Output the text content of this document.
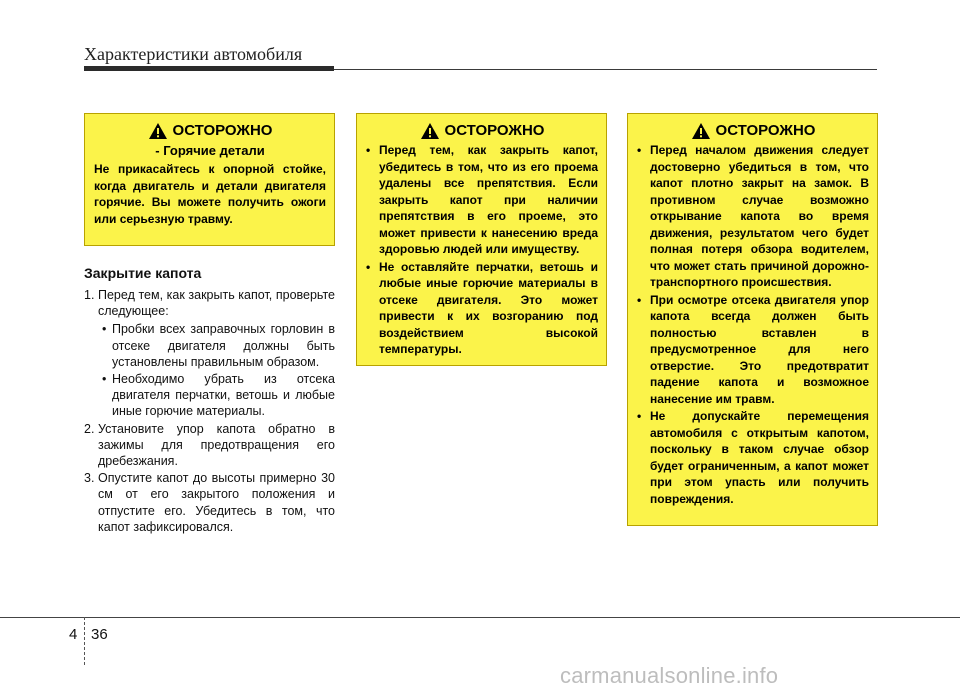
Характеристики автомобиля
ОСТОРОЖНО
- Горячие детали
Не прикасайтесь к опорной стойке, когда двигатель и детали двигателя горячие. Вы можете получить ожоги или серьезную травму.
Закрытие капота
1. Перед тем, как закрыть капот, проверьте следующее:
• Пробки всех заправочных горловин в отсеке двигателя должны быть установлены правильным образом.
• Необходимо убрать из отсека двигателя перчатки, ветошь и любые иные горючие материалы.
2. Установите упор капота обратно в зажимы для предотвращения его дребезжания.
3. Опустите капот до высоты примерно 30 см от его закрытого положения и отпустите его. Убедитесь в том, что капот зафиксировался.
ОСТОРОЖНО
• Перед тем, как закрыть капот, убедитесь в том, что из его проема удалены все препятствия. Если закрыть капот при наличии препятствия в его проеме, это может привести к нанесению вреда здоровью людей или имуществу.
• Не оставляйте перчатки, ветошь и любые иные горючие материалы в отсеке двигателя. Это может привести к их возгоранию под воздействием высокой температуры.
ОСТОРОЖНО
• Перед началом движения следует достоверно убедиться в том, что капот плотно закрыт на замок. В противном случае возможно открывание капота во время движения, результатом чего будет полная потеря обзора водителем, что может стать причиной дорожно-транспортного происшествия.
• При осмотре отсека двигателя упор капота всегда должен быть полностью вставлен в предусмотренное для него отверстие. Это предотвратит падение капота и возможное нанесение им травм.
• Не допускайте перемещения автомобиля с открытым капотом, поскольку в таком случае обзор будет ограниченным, а капот может при этом упасть или получить повреждения.
4 36
carmanualsonline.info
